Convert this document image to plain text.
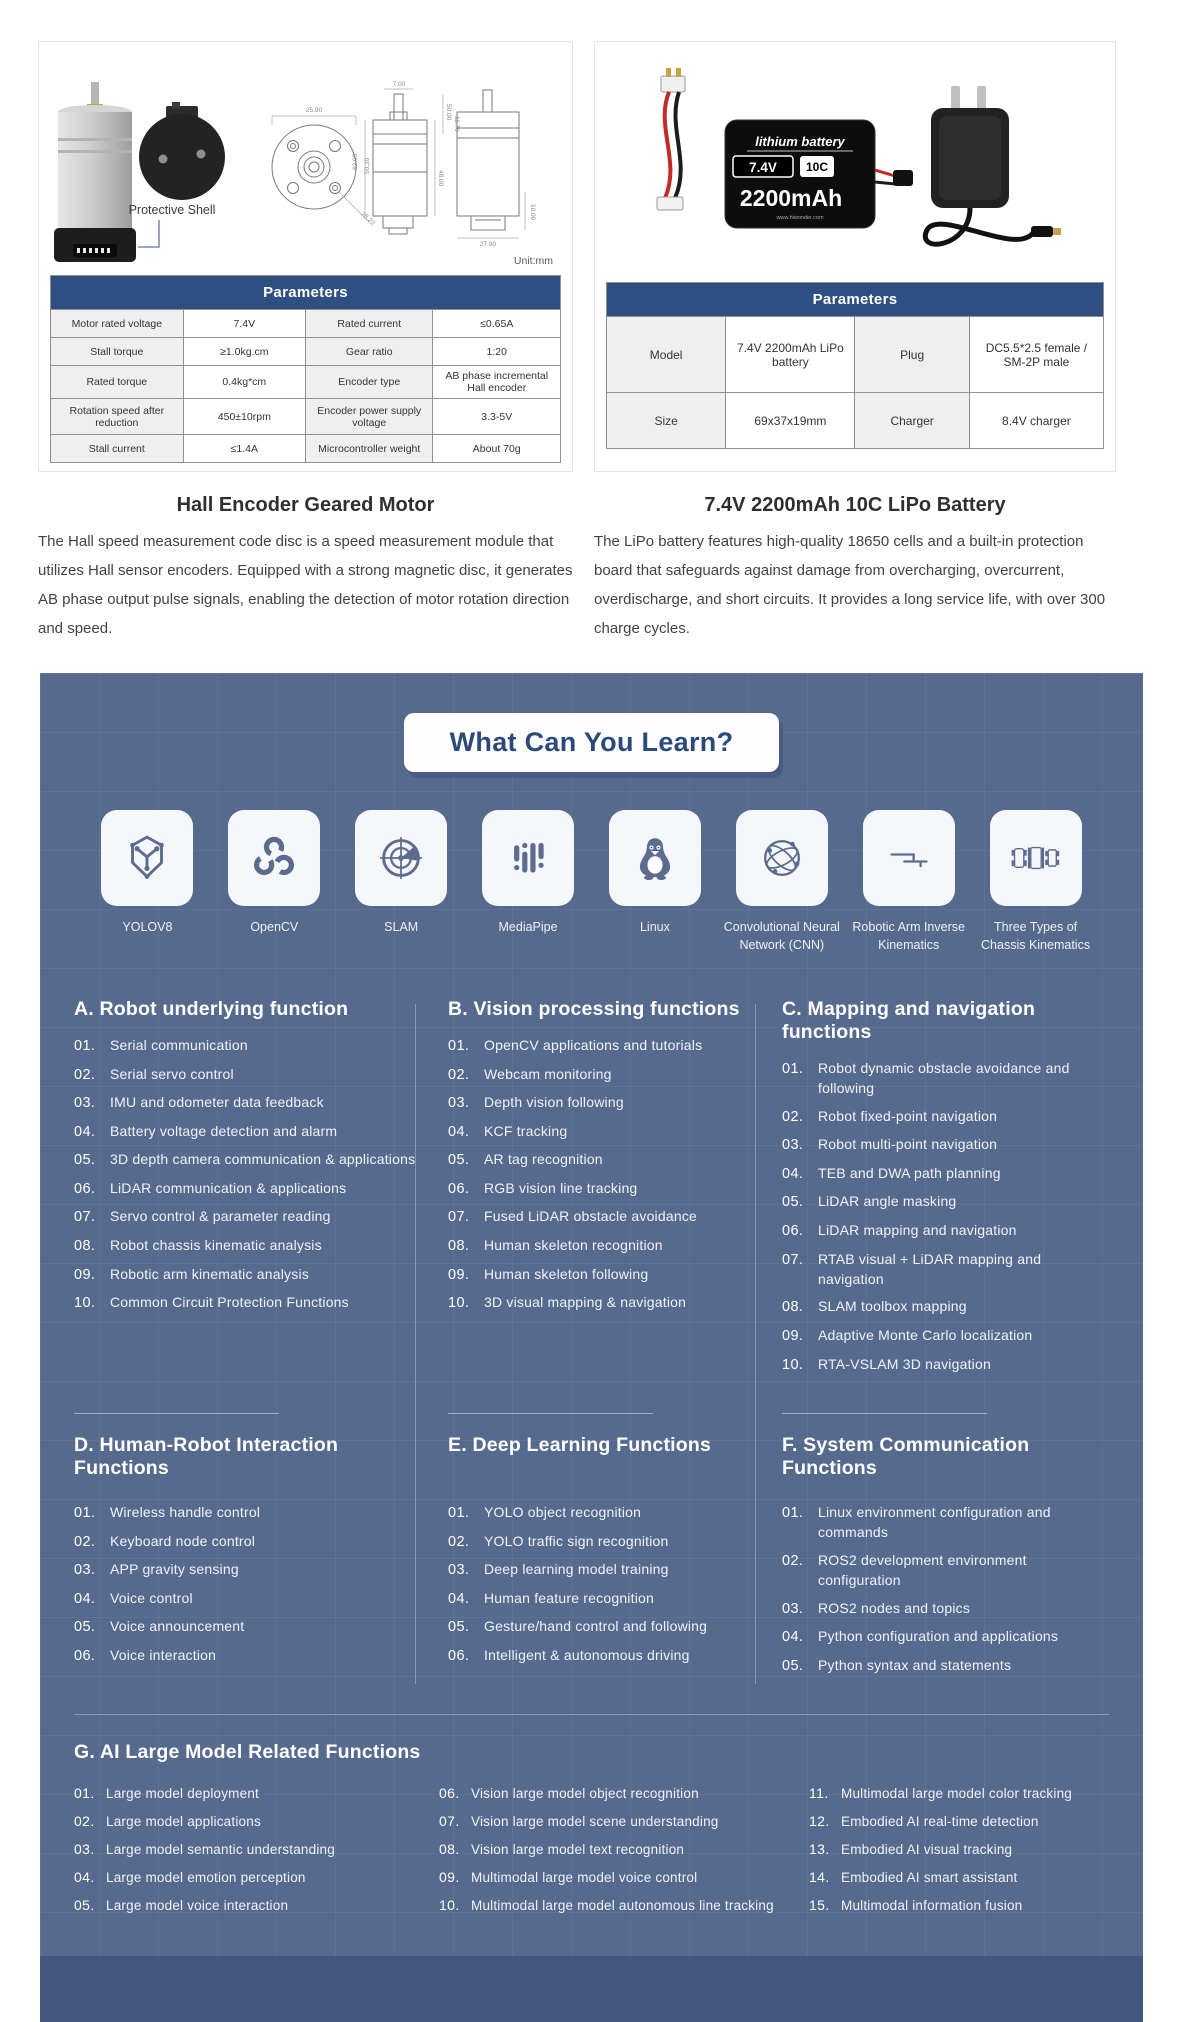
Protective Shell
25.90
18.22
7.00
50.00
11.70
62.00 50.30
48.00
27.90
10.00
Unit:mm
Parameters			
Motor rated voltage	7.4V	Rated current	≤0.65A
Stall torque	≥1.0kg.cm	Gear ratio	1:20
Rated torque	0.4kg*cm	Encoder type	AB phase incremental Hall encoder
Rotation speed after reduction	450±10rpm	Encoder power supply voltage	3.3-5V
Stall current	≤1.4A	Microcontroller weight	About 70g
Hall Encoder Geared Motor

The Hall speed measurement code disc is a speed measurement module that utilizes Hall sensor encoders. Equipped with a strong magnetic disc, it generates AB phase output pulse signals, enabling the detection of motor rotation direction and speed.

lithium battery
7.4V 10C
2200mAh
www.hiwonder.com
Parameters			
Model	7.4V 2200mAh LiPo battery	Plug	DC5.5*2.5 female / SM-2P male
Size	69x37x19mm	Charger	8.4V charger
7.4V 2200mAh 10C LiPo Battery

The LiPo battery features high-quality 18650 cells and a built-in protection board that safeguards against damage from overcharging, overcurrent, overdischarge, and short circuits. It provides a long service life, with over 300 charge cycles.

What Can You Learn?
YOLOV8	OpenCV	SLAM	MediaPipe	Linux	Convolutional Neural Network (CNN)
Robotic Arm Inverse Kinematics
Three Types of Chassis Kinematics
A. Robot underlying function
01.	Serial communication
02.	Serial servo control
03.	IMU and odometer data feedback
04.	Battery voltage detection and alarm
05.	3D depth camera communication & applications
06.	LiDAR communication & applications
07.	Servo control & parameter reading
08.	Robot chassis kinematic analysis
09.	Robotic arm kinematic analysis
10.	Common Circuit Protection Functions
B. Vision processing functions
01.	OpenCV applications and tutorials
02.	Webcam monitoring
03.	Depth vision following
04.	KCF tracking
05.	AR tag recognition
06.	RGB vision line tracking
07.	Fused LiDAR obstacle avoidance
08.	Human skeleton recognition
09.	Human skeleton following
10.	3D visual mapping & navigation
C. Mapping and navigation functions
01.	Robot dynamic obstacle avoidance and following
02.	Robot fixed-point navigation
03.	Robot multi-point navigation
04.	TEB and DWA path planning
05.	LiDAR angle masking
06.	LiDAR mapping and navigation
07.	RTAB visual + LiDAR mapping and navigation
08.	SLAM toolbox mapping
09.	Adaptive Monte Carlo localization
10.	RTA-VSLAM 3D navigation
D. Human-Robot Interaction Functions
01.	Wireless handle control
02.	Keyboard node control
03.	APP gravity sensing
04.	Voice control
05.	Voice announcement
06.	Voice interaction
E. Deep Learning Functions
01.	YOLO object recognition
02.	YOLO traffic sign recognition
03.	Deep learning model training
04.	Human feature recognition
05.	Gesture/hand control and following
06.	Intelligent & autonomous driving
F. System Communication Functions
01.	Linux environment configuration and commands
02.	ROS2 development environment configuration
03.	ROS2 nodes and topics
04.	Python configuration and applications
05.	Python syntax and statements
G. AI Large Model Related Functions
01. Large model deployment
02. Large model applications
03. Large model semantic understanding
04. Large model emotion perception
05. Large model voice interaction
06. Vision large model object recognition
07. Vision large model scene understanding
08. Vision large model text recognition
09. Multimodal large model voice control
10. Multimodal large model autonomous line tracking
11. Multimodal large model color tracking
12. Embodied AI real-time detection
13. Embodied AI visual tracking
14. Embodied AI smart assistant
15. Multimodal information fusion
